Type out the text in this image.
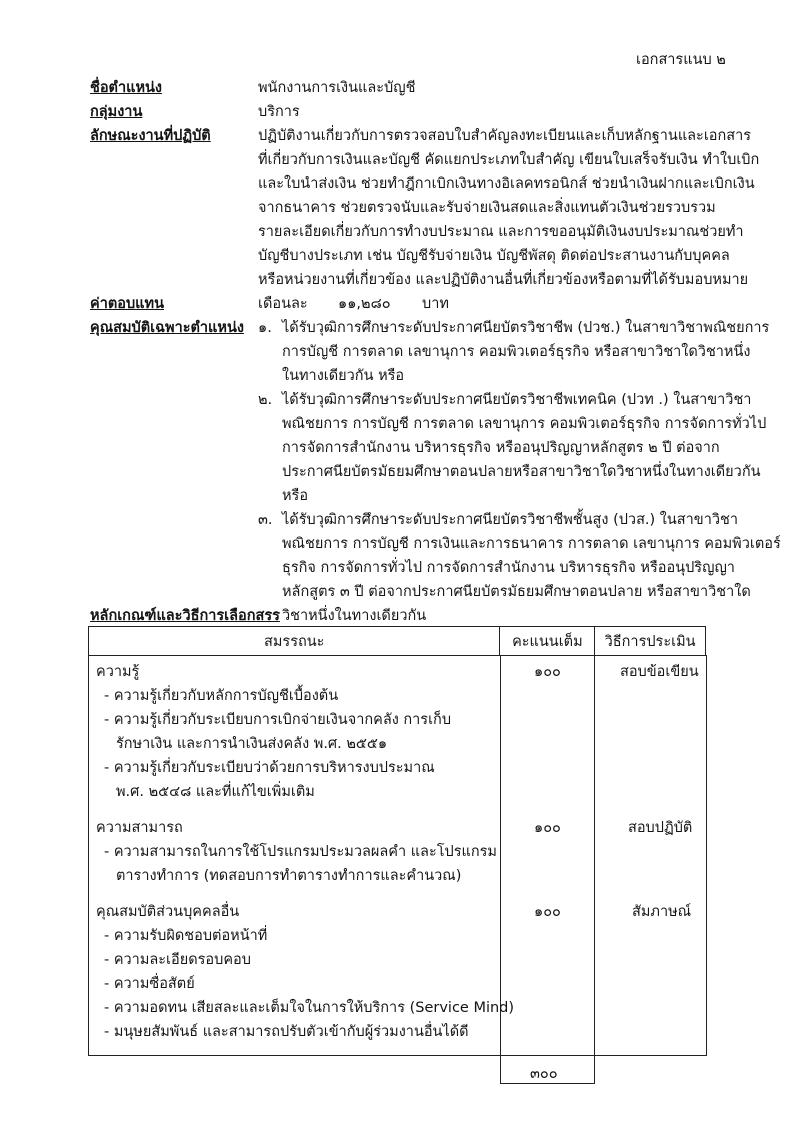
เอกสารแนบ ๒
ชื่อตำแหน่ง	พนักงานการเงินและบัญชี
กลุ่มงาน	บริการ
ลักษณะงานที่ปฏิบัติ	ปฏิบัติงานเกี่ยวกับการตรวจสอบใบสำคัญลงทะเบียนและเก็บหลักฐานและเอกสาร
ที่เกี่ยวกับการเงินและบัญชี คัดแยกประเภทใบสำคัญ เขียนใบเสร็จรับเงิน ทำใบเบิก
และใบนำส่งเงิน ช่วยทำฎีกาเบิกเงินทางอิเลคทรอนิกส์ ช่วยนำเงินฝากและเบิกเงิน
จากธนาคาร ช่วยตรวจนับและรับจ่ายเงินสดและสิ่งแทนตัวเงินช่วยรวบรวม
รายละเอียดเกี่ยวกับการทำงบประมาณ และการขออนุมัติเงินงบประมาณช่วยทำ
บัญชีบางประเภท เช่น บัญชีรับจ่ายเงิน บัญชีพัสดุ ติดต่อประสานงานกับบุคคล
หรือหน่วยงานที่เกี่ยวข้อง และปฏิบัติงานอื่นที่เกี่ยวข้องหรือตามที่ได้รับมอบหมาย
ค่าตอบแทน	เดือนละ ๑๑,๒๘๐ บาท
คุณสมบัติเฉพาะตำแหน่ง ๑. ได้รับวุฒิการศึกษาระดับประกาศนียบัตรวิชาชีพ (ปวช.) ในสาขาวิชาพณิชยการ
การบัญชี การตลาด เลขานุการ คอมพิวเตอร์ธุรกิจ หรือสาขาวิชาใดวิชาหนึ่ง
ในทางเดียวกัน หรือ
๒. ได้รับวุฒิการศึกษาระดับประกาศนียบัตรวิชาชีพเทคนิค (ปวท .) ในสาขาวิชา
พณิชยการ การบัญชี การตลาด เลขานุการ คอมพิวเตอร์ธุรกิจ การจัดการทั่วไป
การจัดการสำนักงาน บริหารธุรกิจ หรืออนุปริญญาหลักสูตร ๒ ปี ต่อจาก
ประกาศนียบัตรมัธยมศึกษาตอนปลายหรือสาขาวิชาใดวิชาหนึ่งในทางเดียวกัน
หรือ
๓. ได้รับวุฒิการศึกษาระดับประกาศนียบัตรวิชาชีพชั้นสูง (ปวส.) ในสาขาวิชา
พณิชยการ การบัญชี การเงินและการธนาคาร การตลาด เลขานุการ คอมพิวเตอร์
ธุรกิจ การจัดการทั่วไป การจัดการสำนักงาน บริหารธุรกิจ หรืออนุปริญญา
หลักสูตร ๓ ปี ต่อจากประกาศนียบัตรมัธยมศึกษาตอนปลาย หรือสาขาวิชาใด
วิชาหนึ่งในทางเดียวกัน
หลักเกณฑ์และวิธีการเลือกสรร
สมรรถนะ	คะแนนเต็ม	วิธีการประเมิน
ความรู้	๑๐๐	สอบข้อเขียน
- ความรู้เกี่ยวกับหลักการบัญชีเบื้องต้น
- ความรู้เกี่ยวกับระเบียบการเบิกจ่ายเงินจากคลัง การเก็บ
รักษาเงิน และการนำเงินส่งคลัง พ.ศ. ๒๕๕๑
- ความรู้เกี่ยวกับระเบียบว่าด้วยการบริหารงบประมาณ
พ.ศ. ๒๕๔๘ และที่แก้ไขเพิ่มเติม
ความสามารถ	๑๐๐	สอบปฏิบัติ
- ความสามารถในการใช้โปรแกรมประมวลผลคำ และโปรแกรม
ตารางทำการ (ทดสอบการทำตารางทำการและคำนวณ)
คุณสมบัติส่วนบุคคลอื่น	๑๐๐	สัมภาษณ์
- ความรับผิดชอบต่อหน้าที่
- ความละเอียดรอบคอบ
- ความซื่อสัตย์
- ความอดทน เสียสละและเต็มใจในการให้บริการ (Service Mind)
- มนุษยสัมพันธ์ และสามารถปรับตัวเข้ากับผู้ร่วมงานอื่นได้ดี
๓๐๐
